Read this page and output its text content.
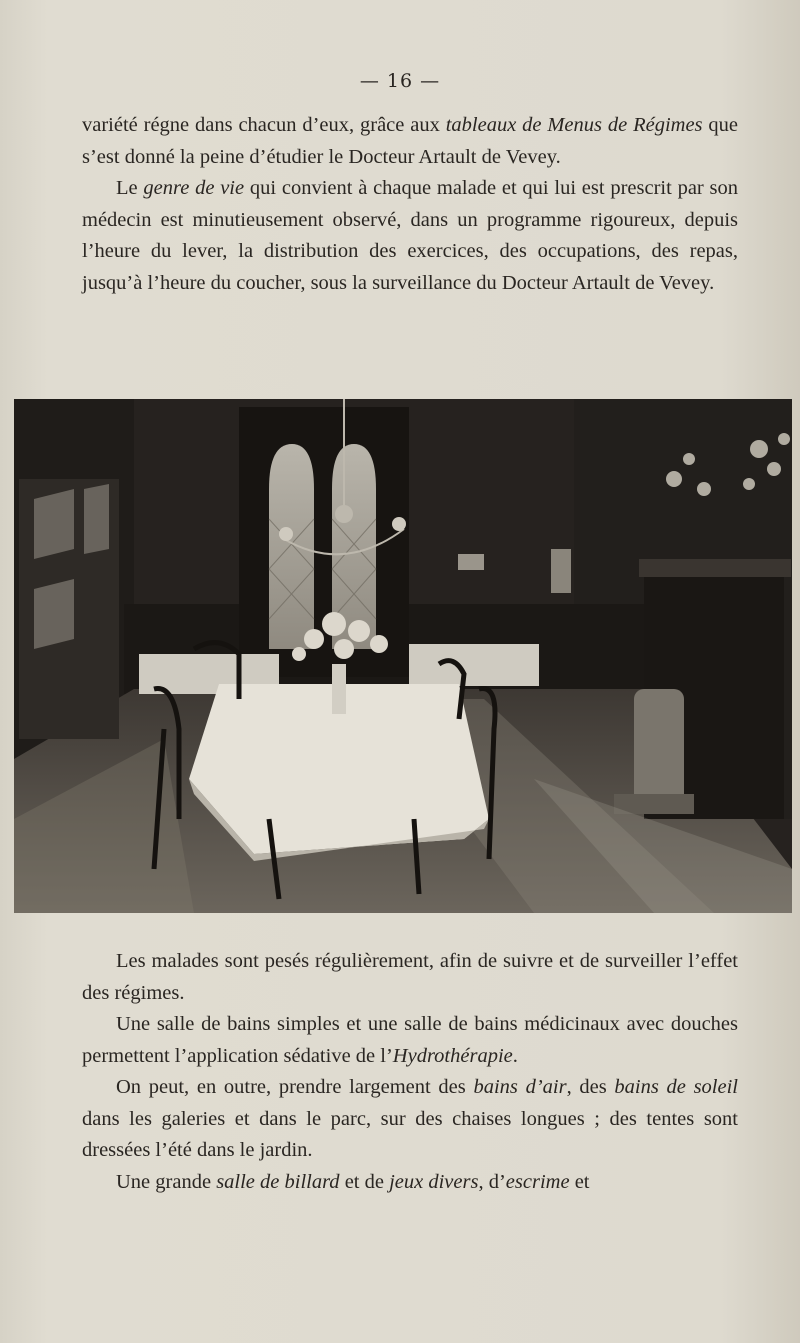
— 16 —

variété régne dans chacun d’eux, grâce aux tableaux de Menus de Régimes que s’est donné la peine d’étudier le Docteur Artault de Vevey.

Le genre de vie qui convient à chaque malade et qui lui est prescrit par son médecin est minutieusement observé, dans un programme rigoureux, depuis l’heure du lever, la distribution des exercices, des occupations, des repas, jusqu’à l’heure du coucher, sous la surveillance du Docteur Artault de Vevey.

Les malades sont pesés régulièrement, afin de suivre et de surveiller l’effet des régimes.

Une salle de bains simples et une salle de bains médicinaux avec douches permettent l’application sédative de l’Hydrothérapie.

On peut, en outre, prendre largement des bains d’air, des bains de soleil dans les galeries et dans le parc, sur des chaises longues ; des tentes sont dressées l’été dans le jardin.

Une grande salle de billard et de jeux divers, d’escrime et
